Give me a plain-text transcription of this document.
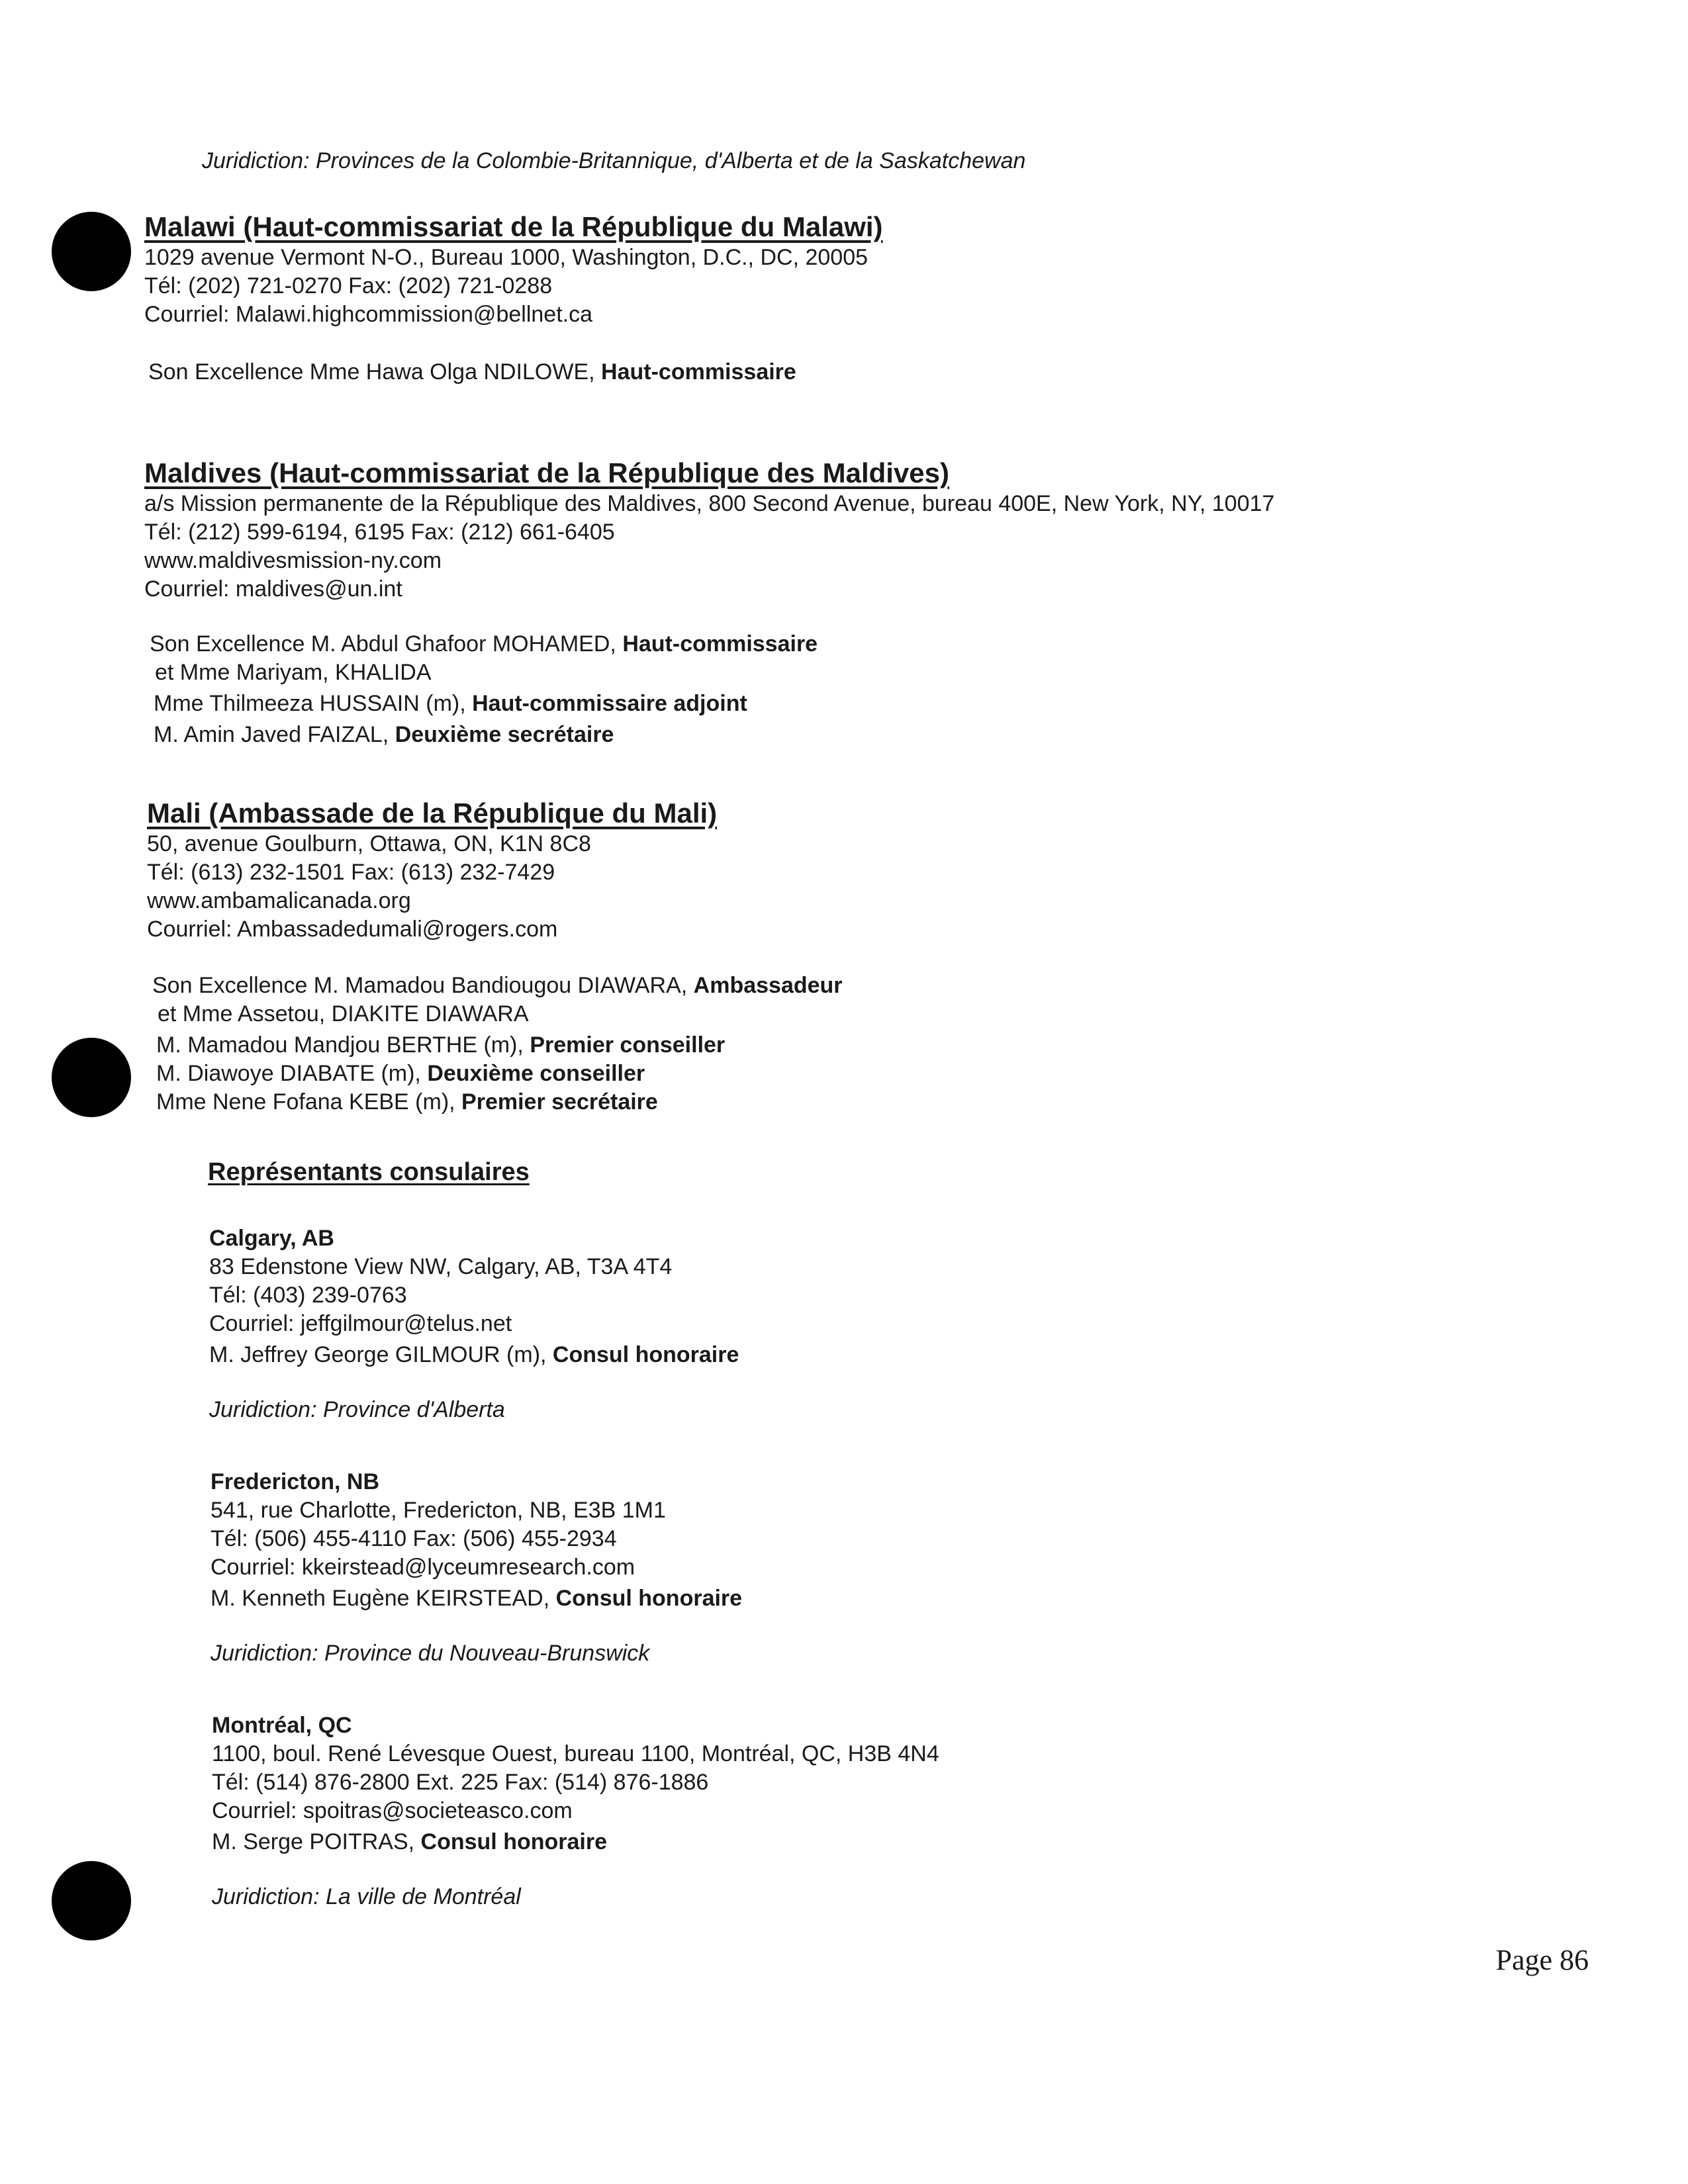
Juridiction: Provinces de la Colombie-Britannique, d'Alberta et de la Saskatchewan
Malawi (Haut-commissariat de la République du Malawi)
1029 avenue Vermont N-O., Bureau 1000, Washington, D.C., DC, 20005
Tél: (202) 721-0270 Fax: (202) 721-0288
Courriel: Malawi.highcommission@bellnet.ca
Son Excellence Mme Hawa Olga NDILOWE, Haut-commissaire
Maldives (Haut-commissariat de la République des Maldives)
a/s Mission permanente de la République des Maldives, 800 Second Avenue, bureau 400E, New York, NY, 10017
Tél: (212) 599-6194, 6195 Fax: (212) 661-6405
www.maldivesmission-ny.com
Courriel: maldives@un.int
Son Excellence M. Abdul Ghafoor MOHAMED, Haut-commissaire
et Mme Mariyam, KHALIDA
Mme Thilmeeza HUSSAIN (m), Haut-commissaire adjoint
M. Amin Javed FAIZAL, Deuxième secrétaire
Mali (Ambassade de la République du Mali)
50, avenue Goulburn, Ottawa, ON, K1N 8C8
Tél: (613) 232-1501 Fax: (613) 232-7429
www.ambamalicanada.org
Courriel: Ambassadedumali@rogers.com
Son Excellence M. Mamadou Bandiougou DIAWARA, Ambassadeur
et Mme Assetou, DIAKITE DIAWARA
M. Mamadou Mandjou BERTHE (m), Premier conseiller
M. Diawoye DIABATE (m), Deuxième conseiller
Mme Nene Fofana KEBE (m), Premier secrétaire
Représentants consulaires
Calgary, AB
83 Edenstone View NW, Calgary, AB, T3A 4T4
Tél: (403) 239-0763
Courriel: jeffgilmour@telus.net
M. Jeffrey George GILMOUR (m), Consul honoraire
Juridiction: Province d'Alberta
Fredericton, NB
541, rue Charlotte, Fredericton, NB, E3B 1M1
Tél: (506) 455-4110 Fax: (506) 455-2934
Courriel: kkeirstead@lyceumresearch.com
M. Kenneth Eugène KEIRSTEAD, Consul honoraire
Juridiction: Province du Nouveau-Brunswick
Montréal, QC
1100, boul. René Lévesque Ouest, bureau 1100, Montréal, QC, H3B 4N4
Tél: (514) 876-2800 Ext. 225 Fax: (514) 876-1886
Courriel: spoitras@societeasco.com
M. Serge POITRAS, Consul honoraire
Juridiction: La ville de Montréal
Page 86
